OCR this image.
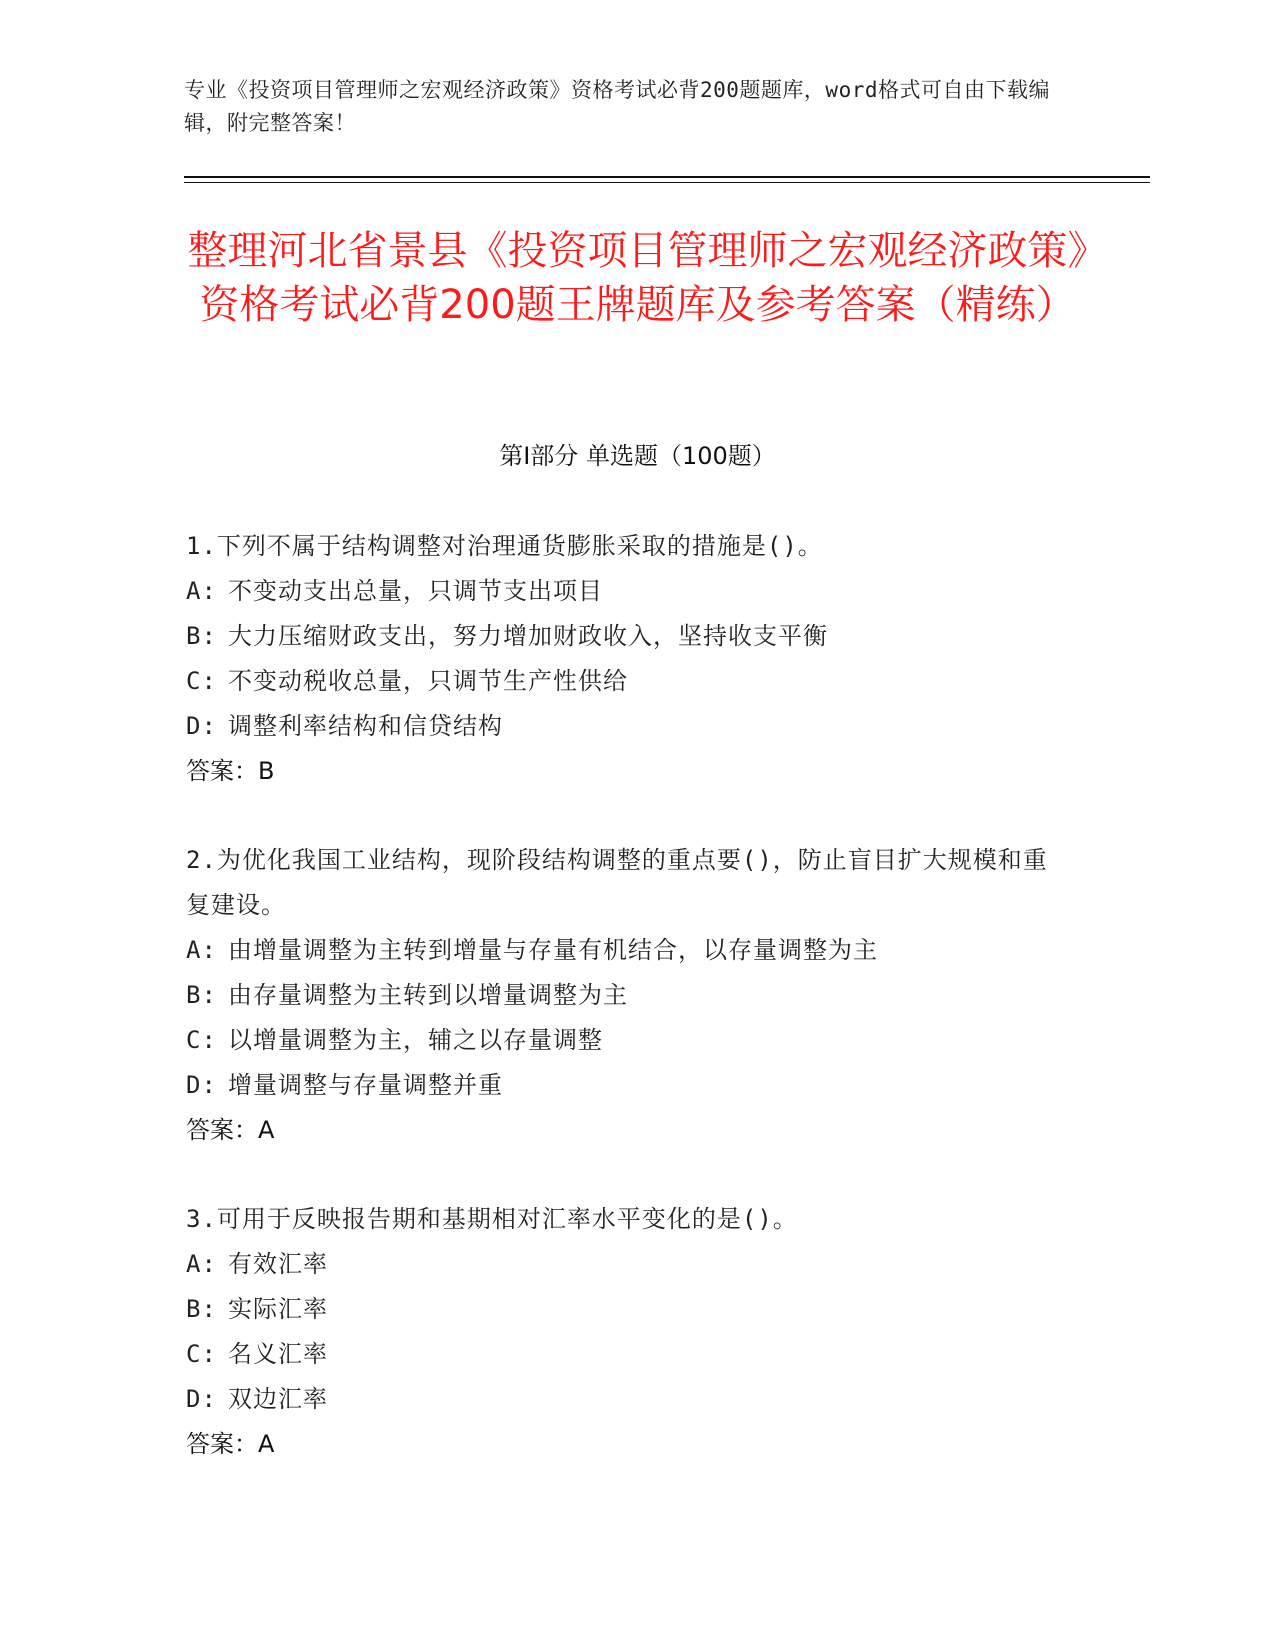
专业《投资项目管理师之宏观经济政策》资格考试必背200题题库，word格式可自由下载编辑，附完整答案！
整理河北省景县《投资项目管理师之宏观经济政策》资格考试必背200题王牌题库及参考答案（精练）
第Ⅰ部分 单选题（100题）
1.下列不属于结构调整对治理通货膨胀采取的措施是()。
A: 不变动支出总量，只调节支出项目
B: 大力压缩财政支出，努力增加财政收入，坚持收支平衡
C: 不变动税收总量，只调节生产性供给
D: 调整利率结构和信贷结构
答案：B
2.为优化我国工业结构，现阶段结构调整的重点要()，防止盲目扩大规模和重复建设。
A: 由增量调整为主转到增量与存量有机结合，以存量调整为主
B: 由存量调整为主转到以增量调整为主
C: 以增量调整为主，辅之以存量调整
D: 增量调整与存量调整并重
答案：A
3.可用于反映报告期和基期相对汇率水平变化的是()。
A: 有效汇率
B: 实际汇率
C: 名义汇率
D: 双边汇率
答案：A
